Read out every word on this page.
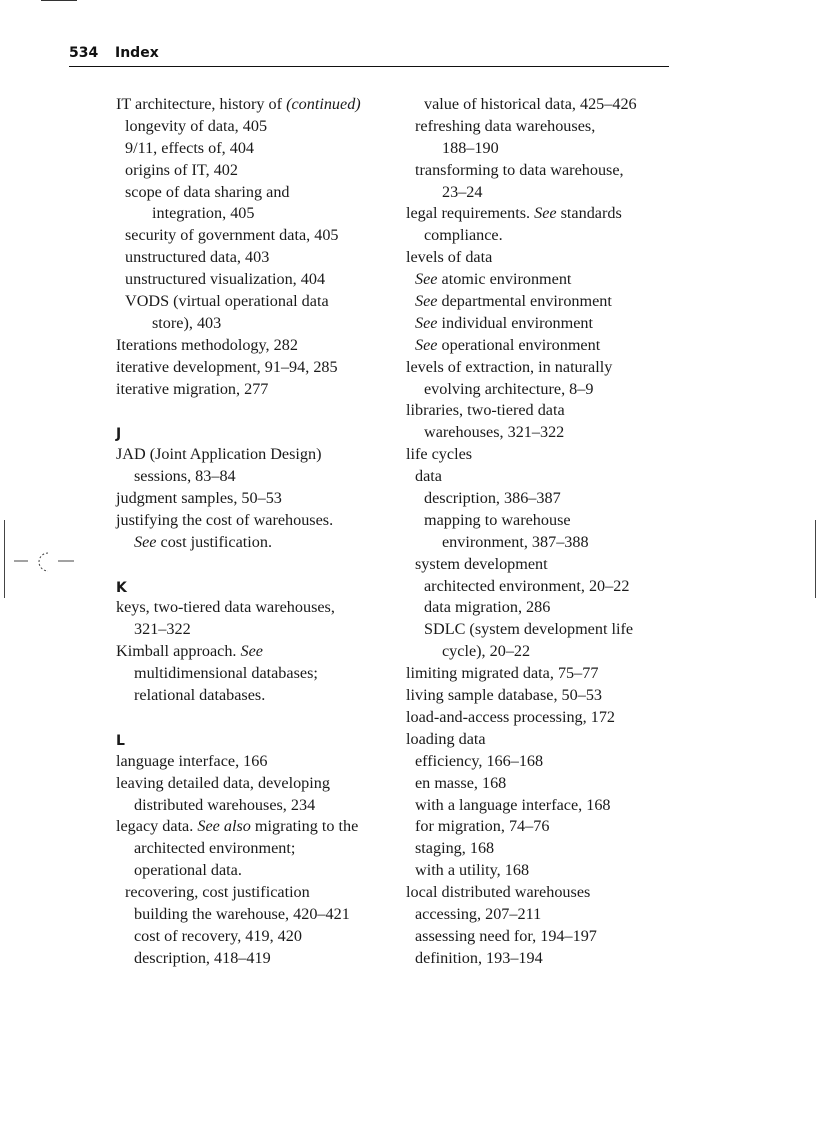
534 Index
IT architecture, history of (continued)
longevity of data, 405
9/11, effects of, 404
origins of IT, 402
scope of data sharing and
integration, 405
security of government data, 405
unstructured data, 403
unstructured visualization, 404
VODS (virtual operational data
store), 403
Iterations methodology, 282
iterative development, 91–94, 285
iterative migration, 277
J
JAD (Joint Application Design)
sessions, 83–84
judgment samples, 50–53
justifying the cost of warehouses.
See cost justification.
K
keys, two-tiered data warehouses,
321–322
Kimball approach. See
multidimensional databases;
relational databases.
L
language interface, 166
leaving detailed data, developing
distributed warehouses, 234
legacy data. See also migrating to the
architected environment;
operational data.
recovering, cost justification
building the warehouse, 420–421
cost of recovery, 419, 420
description, 418–419
value of historical data, 425–426
refreshing data warehouses,
188–190
transforming to data warehouse,
23–24
legal requirements. See standards
compliance.
levels of data
See atomic environment
See departmental environment
See individual environment
See operational environment
levels of extraction, in naturally
evolving architecture, 8–9
libraries, two-tiered data
warehouses, 321–322
life cycles
data
description, 386–387
mapping to warehouse
environment, 387–388
system development
architected environment, 20–22
data migration, 286
SDLC (system development life
cycle), 20–22
limiting migrated data, 75–77
living sample database, 50–53
load-and-access processing, 172
loading data
efficiency, 166–168
en masse, 168
with a language interface, 168
for migration, 74–76
staging, 168
with a utility, 168
local distributed warehouses
accessing, 207–211
assessing need for, 194–197
definition, 193–194
